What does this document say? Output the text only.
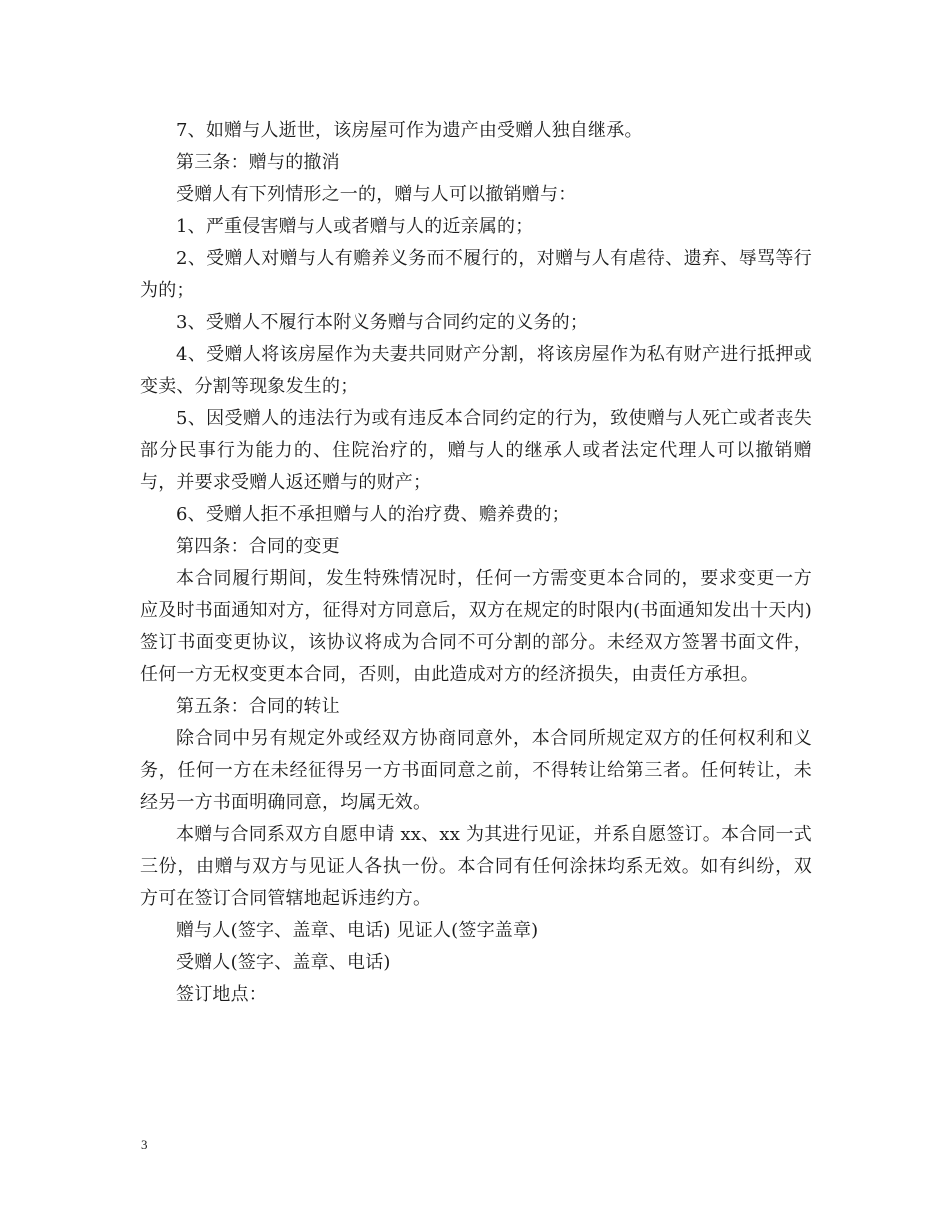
7、如赠与人逝世，该房屋可作为遗产由受赠人独自继承。

第三条：赠与的撤消

受赠人有下列情形之一的，赠与人可以撤销赠与：

1、严重侵害赠与人或者赠与人的近亲属的；

2、受赠人对赠与人有赡养义务而不履行的，对赠与人有虐待、遗弃、辱骂等行为的；

3、受赠人不履行本附义务赠与合同约定的义务的；

4、受赠人将该房屋作为夫妻共同财产分割，将该房屋作为私有财产进行抵押或变卖、分割等现象发生的；

5、因受赠人的违法行为或有违反本合同约定的行为，致使赠与人死亡或者丧失部分民事行为能力的、住院治疗的，赠与人的继承人或者法定代理人可以撤销赠与，并要求受赠人返还赠与的财产；

6、受赠人拒不承担赠与人的治疗费、赡养费的；

第四条：合同的变更

本合同履行期间，发生特殊情况时，任何一方需变更本合同的，要求变更一方应及时书面通知对方，征得对方同意后，双方在规定的时限内(书面通知发出十天内)签订书面变更协议，该协议将成为合同不可分割的部分。未经双方签署书面文件，任何一方无权变更本合同，否则，由此造成对方的经济损失，由责任方承担。

第五条：合同的转让

除合同中另有规定外或经双方协商同意外，本合同所规定双方的任何权利和义务，任何一方在未经征得另一方书面同意之前，不得转让给第三者。任何转让，未经另一方书面明确同意，均属无效。

本赠与合同系双方自愿申请 xx、xx 为其进行见证，并系自愿签订。本合同一式三份，由赠与双方与见证人各执一份。本合同有任何涂抹均系无效。如有纠纷，双方可在签订合同管辖地起诉违约方。

赠与人(签字、盖章、电话) 见证人(签字盖章)

受赠人(签字、盖章、电话)

签订地点：

3
